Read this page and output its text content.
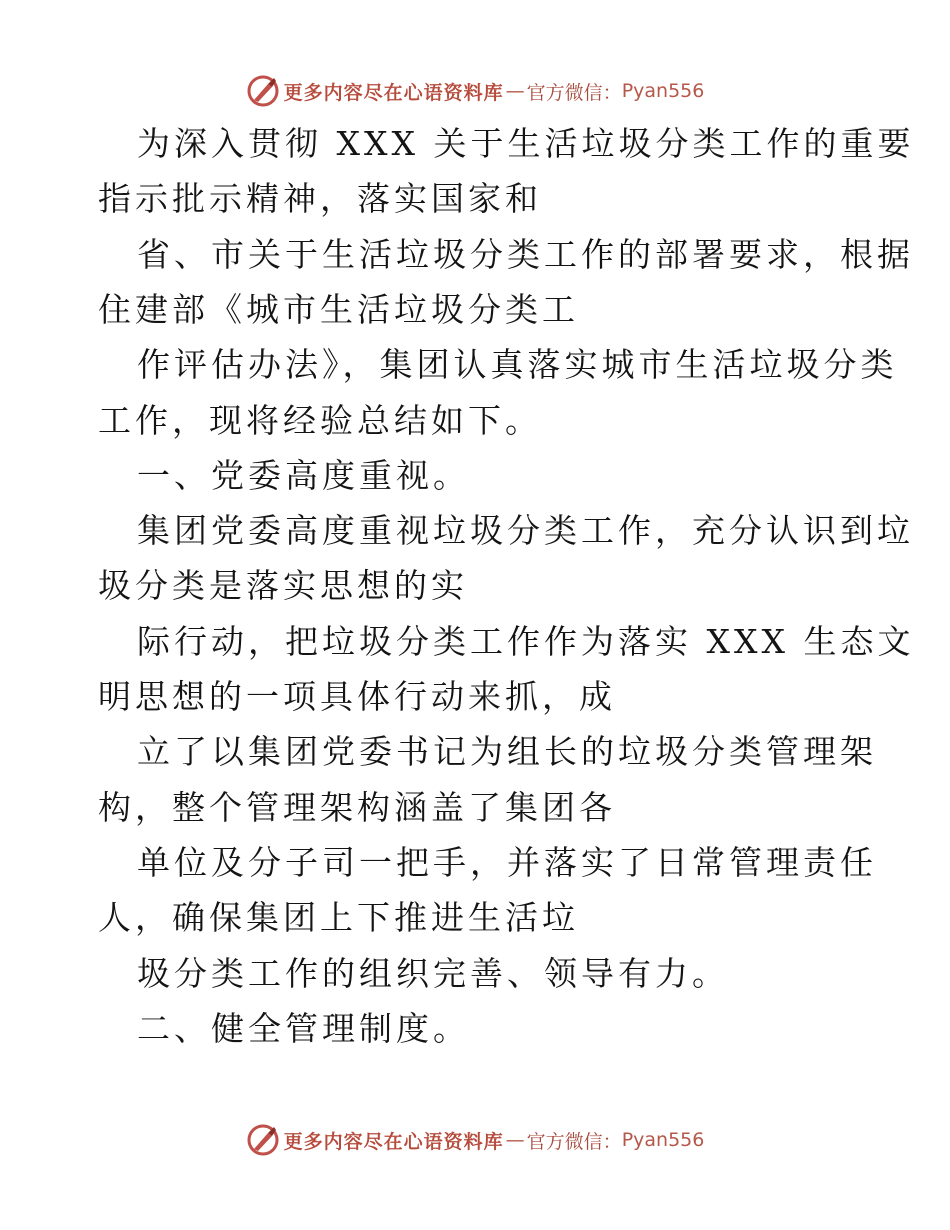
更多内容尽在心语资料库 — 官方微信： Pyan556
为深入贯彻 XXX 关于生活垃圾分类工作的重要
指示批示精神，落实国家和
省、市关于生活垃圾分类工作的部署要求，根据
住建部《城市生活垃圾分类工
作评估办法》，集团认真落实城市生活垃圾分类
工作，现将经验总结如下。
一、党委高度重视。
集团党委高度重视垃圾分类工作，充分认识到垃
圾分类是落实思想的实
际行动，把垃圾分类工作作为落实 XXX 生态文
明思想的一项具体行动来抓，成
立了以集团党委书记为组长的垃圾分类管理架
构，整个管理架构涵盖了集团各
单位及分子司一把手，并落实了日常管理责任
人，确保集团上下推进生活垃
圾分类工作的组织完善、领导有力。
二、健全管理制度。
更多内容尽在心语资料库 — 官方微信： Pyan556
